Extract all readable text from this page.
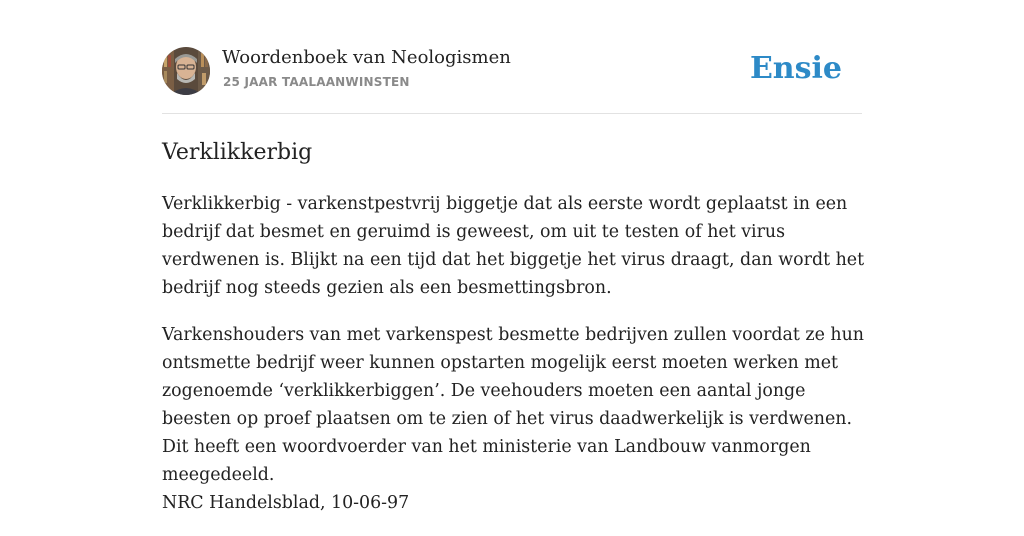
Woordenboek van Neologismen
25 JAAR TAALAANWINSTEN	Ensie
Verklikkerbig

Verklikkerbig - varkenstpestvrij biggetje dat als eerste wordt geplaatst in een bedrijf dat besmet en geruimd is geweest, om uit te testen of het virus verdwenen is. Blijkt na een tijd dat het biggetje het virus draagt, dan wordt het bedrijf nog steeds gezien als een besmettingsbron.

Varkenshouders van met varkenspest besmette bedrijven zullen voordat ze hun ontsmette bedrijf weer kunnen opstarten mogelijk eerst moeten werken met zogenoemde ‘verklikkerbiggen’. De veehouders moeten een aantal jonge beesten op proef plaatsen om te zien of het virus daadwerkelijk is verdwenen. Dit heeft een woordvoerder van het ministerie van Landbouw vanmorgen meegedeeld.
NRC Handelsblad, 10-06-97
